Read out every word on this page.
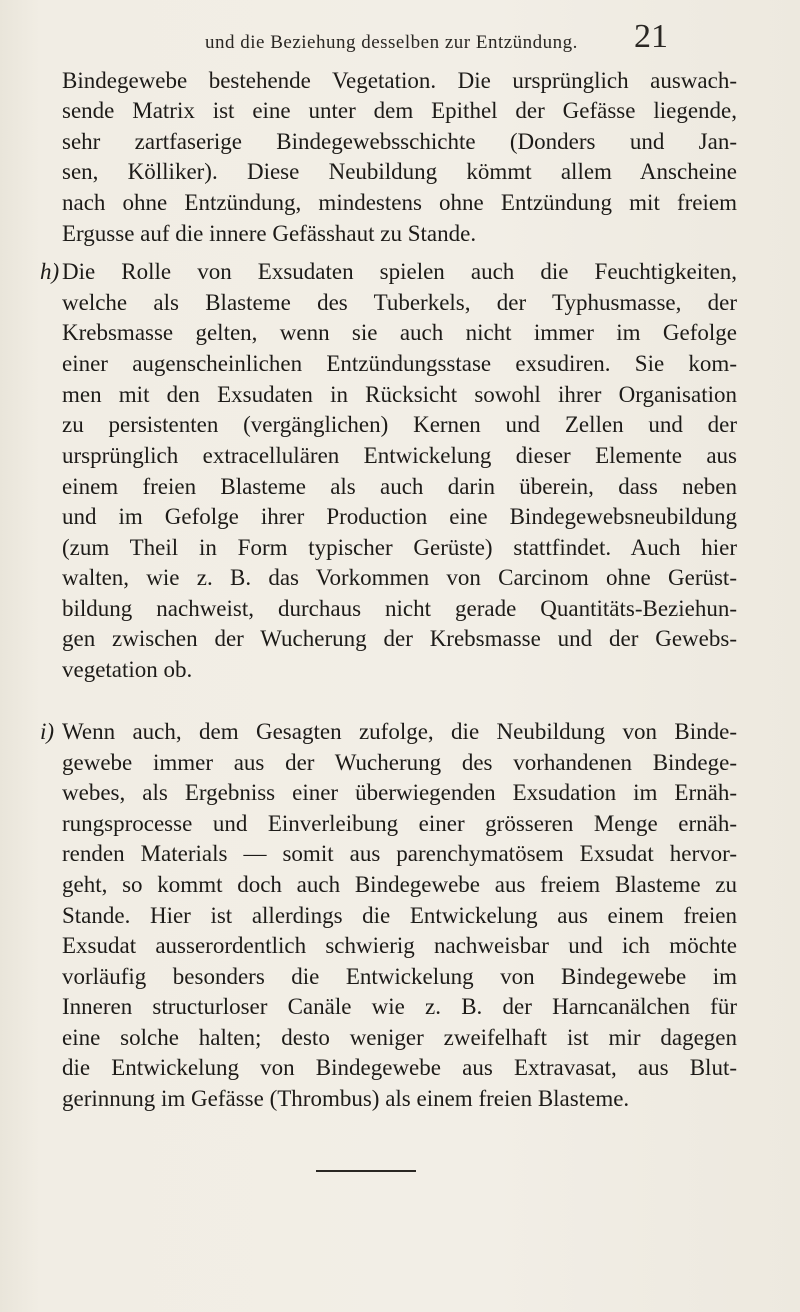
und die Beziehung desselben zur Entzündung. 21
h)
i)
Bindegewebe bestehende Vegetation. Die ursprünglich auswach-
sende Matrix ist eine unter dem Epithel der Gefässe liegende,
sehr zartfaserige Bindegewebsschichte (Donders und Jan-
sen, Kölliker). Diese Neubildung kömmt allem Anscheine
nach ohne Entzündung, mindestens ohne Entzündung mit freiem
Ergusse auf die innere Gefässhaut zu Stande.
Die Rolle von Exsudaten spielen auch die Feuchtigkeiten,
welche als Blasteme des Tuberkels, der Typhusmasse, der
Krebsmasse gelten, wenn sie auch nicht immer im Gefolge
einer augenscheinlichen Entzündungsstase exsudiren. Sie kom-
men mit den Exsudaten in Rücksicht sowohl ihrer Organisation
zu persistenten (vergänglichen) Kernen und Zellen und der
ursprünglich extracellulären Entwickelung dieser Elemente aus
einem freien Blasteme als auch darin überein, dass neben
und im Gefolge ihrer Production eine Bindegewebsneubildung
(zum Theil in Form typischer Gerüste) stattfindet. Auch hier
walten, wie z. B. das Vorkommen von Carcinom ohne Gerüst-
bildung nachweist, durchaus nicht gerade Quantitäts-Beziehun-
gen zwischen der Wucherung der Krebsmasse und der Gewebs-
vegetation ob.
Wenn auch, dem Gesagten zufolge, die Neubildung von Binde-
gewebe immer aus der Wucherung des vorhandenen Bindege-
webes, als Ergebniss einer überwiegenden Exsudation im Ernäh-
rungsprocesse und Einverleibung einer grösseren Menge ernäh-
renden Materials — somit aus parenchymatösem Exsudat hervor-
geht, so kommt doch auch Bindegewebe aus freiem Blasteme zu
Stande. Hier ist allerdings die Entwickelung aus einem freien
Exsudat ausserordentlich schwierig nachweisbar und ich möchte
vorläufig besonders die Entwickelung von Bindegewebe im
Inneren structurloser Canäle wie z. B. der Harncanälchen für
eine solche halten; desto weniger zweifelhaft ist mir dagegen
die Entwickelung von Bindegewebe aus Extravasat, aus Blut-
gerinnung im Gefässe (Thrombus) als einem freien Blasteme.
